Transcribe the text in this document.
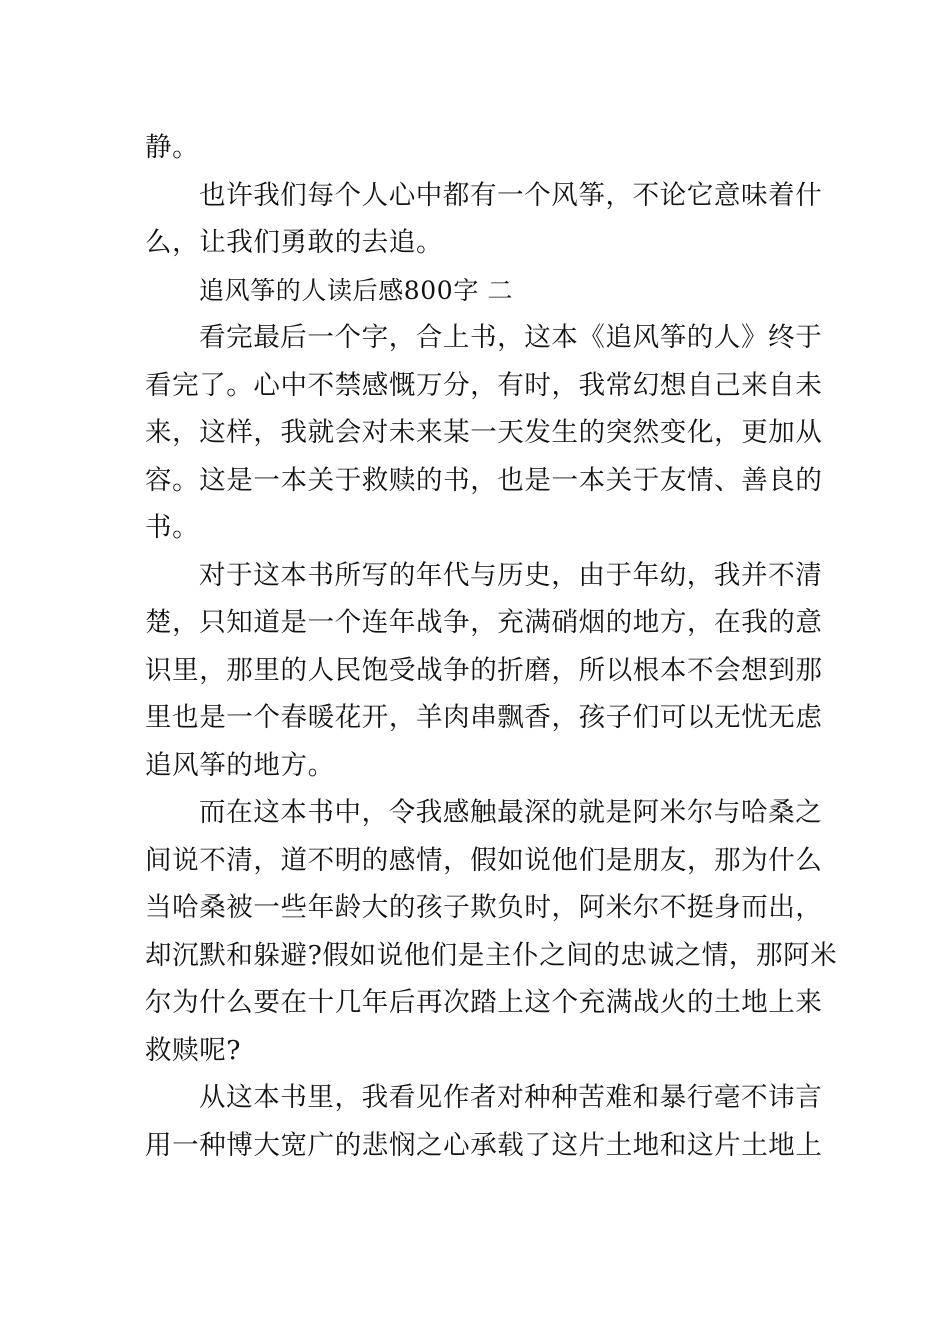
静。
也许我们每个人心中都有一个风筝，不论它意味着什
么，让我们勇敢的去追。
追风筝的人读后感800字 二
看完最后一个字，合上书，这本《追风筝的人》终于
看完了。心中不禁感慨万分，有时，我常幻想自己来自未
来，这样，我就会对未来某一天发生的突然变化，更加从
容。这是一本关于救赎的书，也是一本关于友情、善良的
书。
对于这本书所写的年代与历史，由于年幼，我并不清
楚，只知道是一个连年战争，充满硝烟的地方，在我的意
识里，那里的人民饱受战争的折磨，所以根本不会想到那
里也是一个春暖花开，羊肉串飘香，孩子们可以无忧无虑
追风筝的地方。
而在这本书中，令我感触最深的就是阿米尔与哈桑之
间说不清，道不明的感情，假如说他们是朋友，那为什么
当哈桑被一些年龄大的孩子欺负时，阿米尔不挺身而出，
却沉默和躲避?假如说他们是主仆之间的忠诚之情，那阿米
尔为什么要在十几年后再次踏上这个充满战火的土地上来
救赎呢?
从这本书里，我看见作者对种种苦难和暴行毫不讳言
用一种博大宽广的悲悯之心承载了这片土地和这片土地上
